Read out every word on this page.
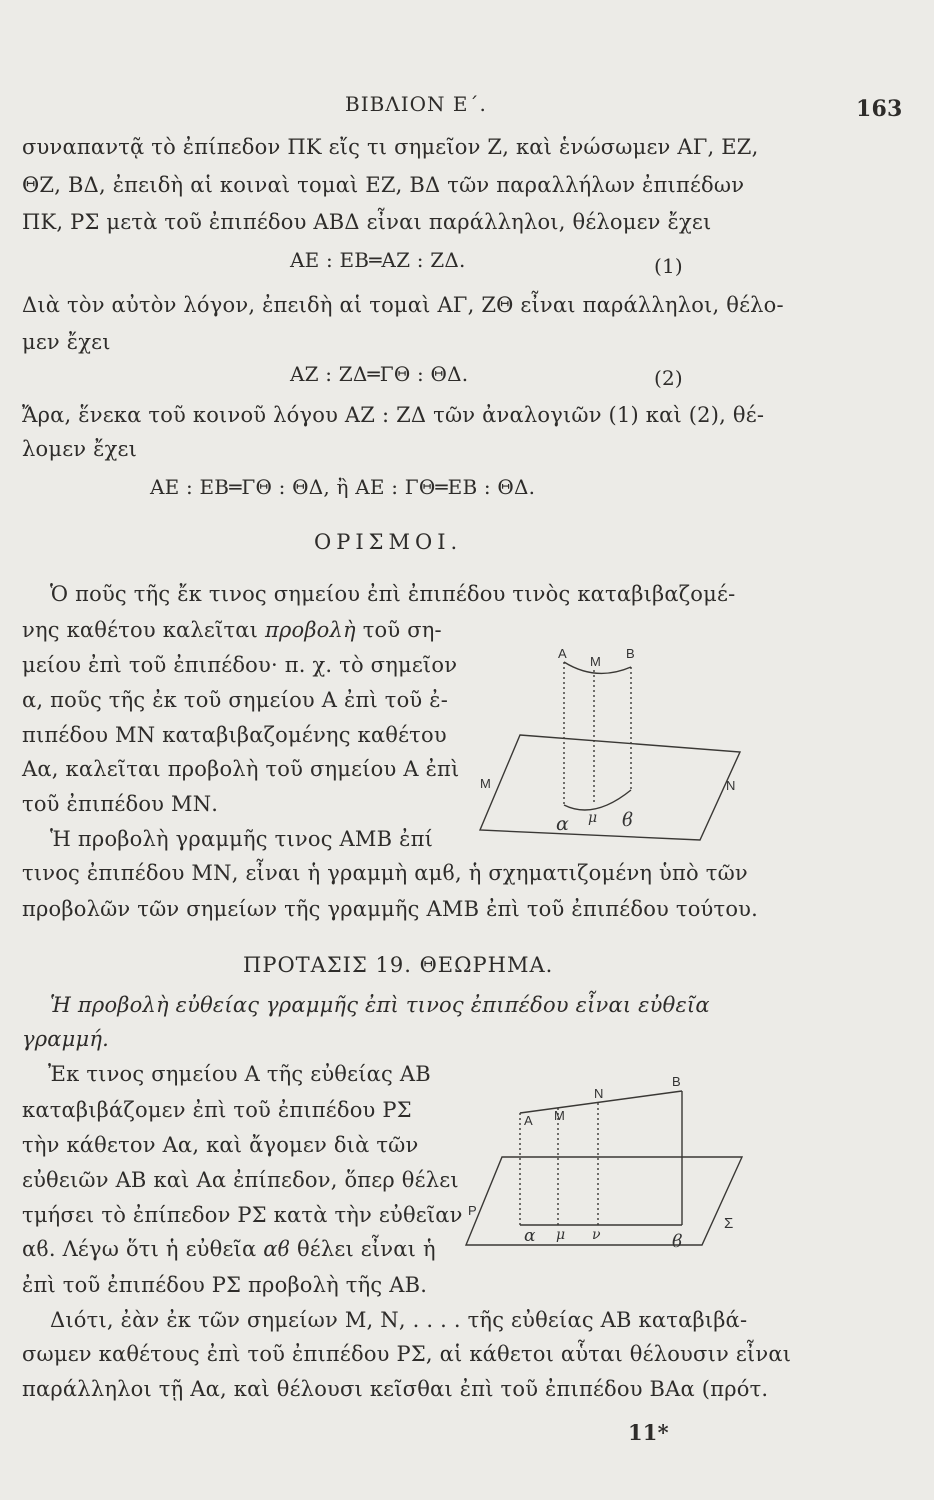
ΒΙΒΛΙΟΝ Ε΄.	163
συναπαντᾷ τὸ ἐπίπεδον ΠΚ εἴς τι σημεῖον Ζ, καὶ ἑνώσωμεν ΑΓ, ΕΖ,
ΘΖ, ΒΔ, ἐπειδὴ αἱ κοιναὶ τομαὶ ΕΖ, ΒΔ τῶν παραλλήλων ἐπιπέδων
ΠΚ, ΡΣ μετὰ τοῦ ἐπιπέδου ΑΒΔ εἶναι παράλληλοι, θέλομεν ἔχει
ΑΕ : ΕΒ═ΑΖ : ΖΔ.	(1)
Διὰ τὸν αὐτὸν λόγον, ἐπειδὴ αἱ τομαὶ ΑΓ, ΖΘ εἶναι παράλληλοι, θέλο-
μεν ἔχει
ΑΖ : ΖΔ═ΓΘ : ΘΔ.	(2)
Ἄρα, ἕνεκα τοῦ κοινοῦ λόγου ΑΖ : ΖΔ τῶν ἀναλογιῶν (1) καὶ (2), θέ-
λομεν ἔχει
ΑΕ : ΕΒ═ΓΘ : ΘΔ, ἢ ΑΕ : ΓΘ═ΕΒ : ΘΔ.
ΟΡΙΣΜΟΙ.
Ὁ ποῦς τῆς ἔκ τινος σημείου ἐπὶ ἐπιπέδου τινὸς καταβιβαζομέ-
νης καθέτου καλεῖται προβολὴ τοῦ ση-
μείου ἐπὶ τοῦ ἐπιπέδου· π. χ. τὸ σημεῖον
α, ποῦς τῆς ἐκ τοῦ σημείου Α ἐπὶ τοῦ ἐ-
πιπέδου ΜΝ καταβιβαζομένης καθέτου
Αα, καλεῖται προβολὴ τοῦ σημείου Α ἐπὶ
τοῦ ἐπιπέδου ΜΝ.
Ἡ προβολὴ γραμμῆς τινος ΑΜΒ ἐπί
τινος ἐπιπέδου ΜΝ, εἶναι ἡ γραμμὴ αμϐ, ἡ σχηματιζομένη ὑπὸ τῶν
προβολῶν τῶν σημείων τῆς γραμμῆς ΑΜΒ ἐπὶ τοῦ ἐπιπέδου τούτου.
A	B
M
M	N
α μ ϐ
ΠΡΟΤΑΣΙΣ 19. ΘΕΩΡΗΜΑ.
Ἡ προβολὴ εὐθείας γραμμῆς ἐπὶ τινος ἐπιπέδου εἶναι εὐθεῖα
γραμμή.
Ἐκ τινος σημείου Α τῆς εὐθείας ΑΒ
καταβιβάζομεν ἐπὶ τοῦ ἐπιπέδου ΡΣ
τὴν κάθετον Αα, καὶ ἄγομεν διὰ τῶν
εὐθειῶν ΑΒ καὶ Αα ἐπίπεδον, ὅπερ θέλει
τμήσει τὸ ἐπίπεδον ΡΣ κατὰ τὴν εὐθεῖαν
αϐ. Λέγω ὅτι ἡ εὐθεῖα αϐ θέλει εἶναι ἡ
ἐπὶ τοῦ ἐπιπέδου ΡΣ προβολὴ τῆς ΑΒ.
Διότι, ἐὰν ἐκ τῶν σημείων Μ, Ν, . . . . τῆς εὐθείας ΑΒ καταβιβά-
σωμεν καθέτους ἐπὶ τοῦ ἐπιπέδου ΡΣ, αἱ κάθετοι αὗται θέλουσιν εἶναι
παράλληλοι τῇ Αα, καὶ θέλουσι κεῖσθαι ἐπὶ τοῦ ἐπιπέδου ΒΑα (πρότ.
A M
N
B
P
Σ
α μ ν	ϐ
11*
